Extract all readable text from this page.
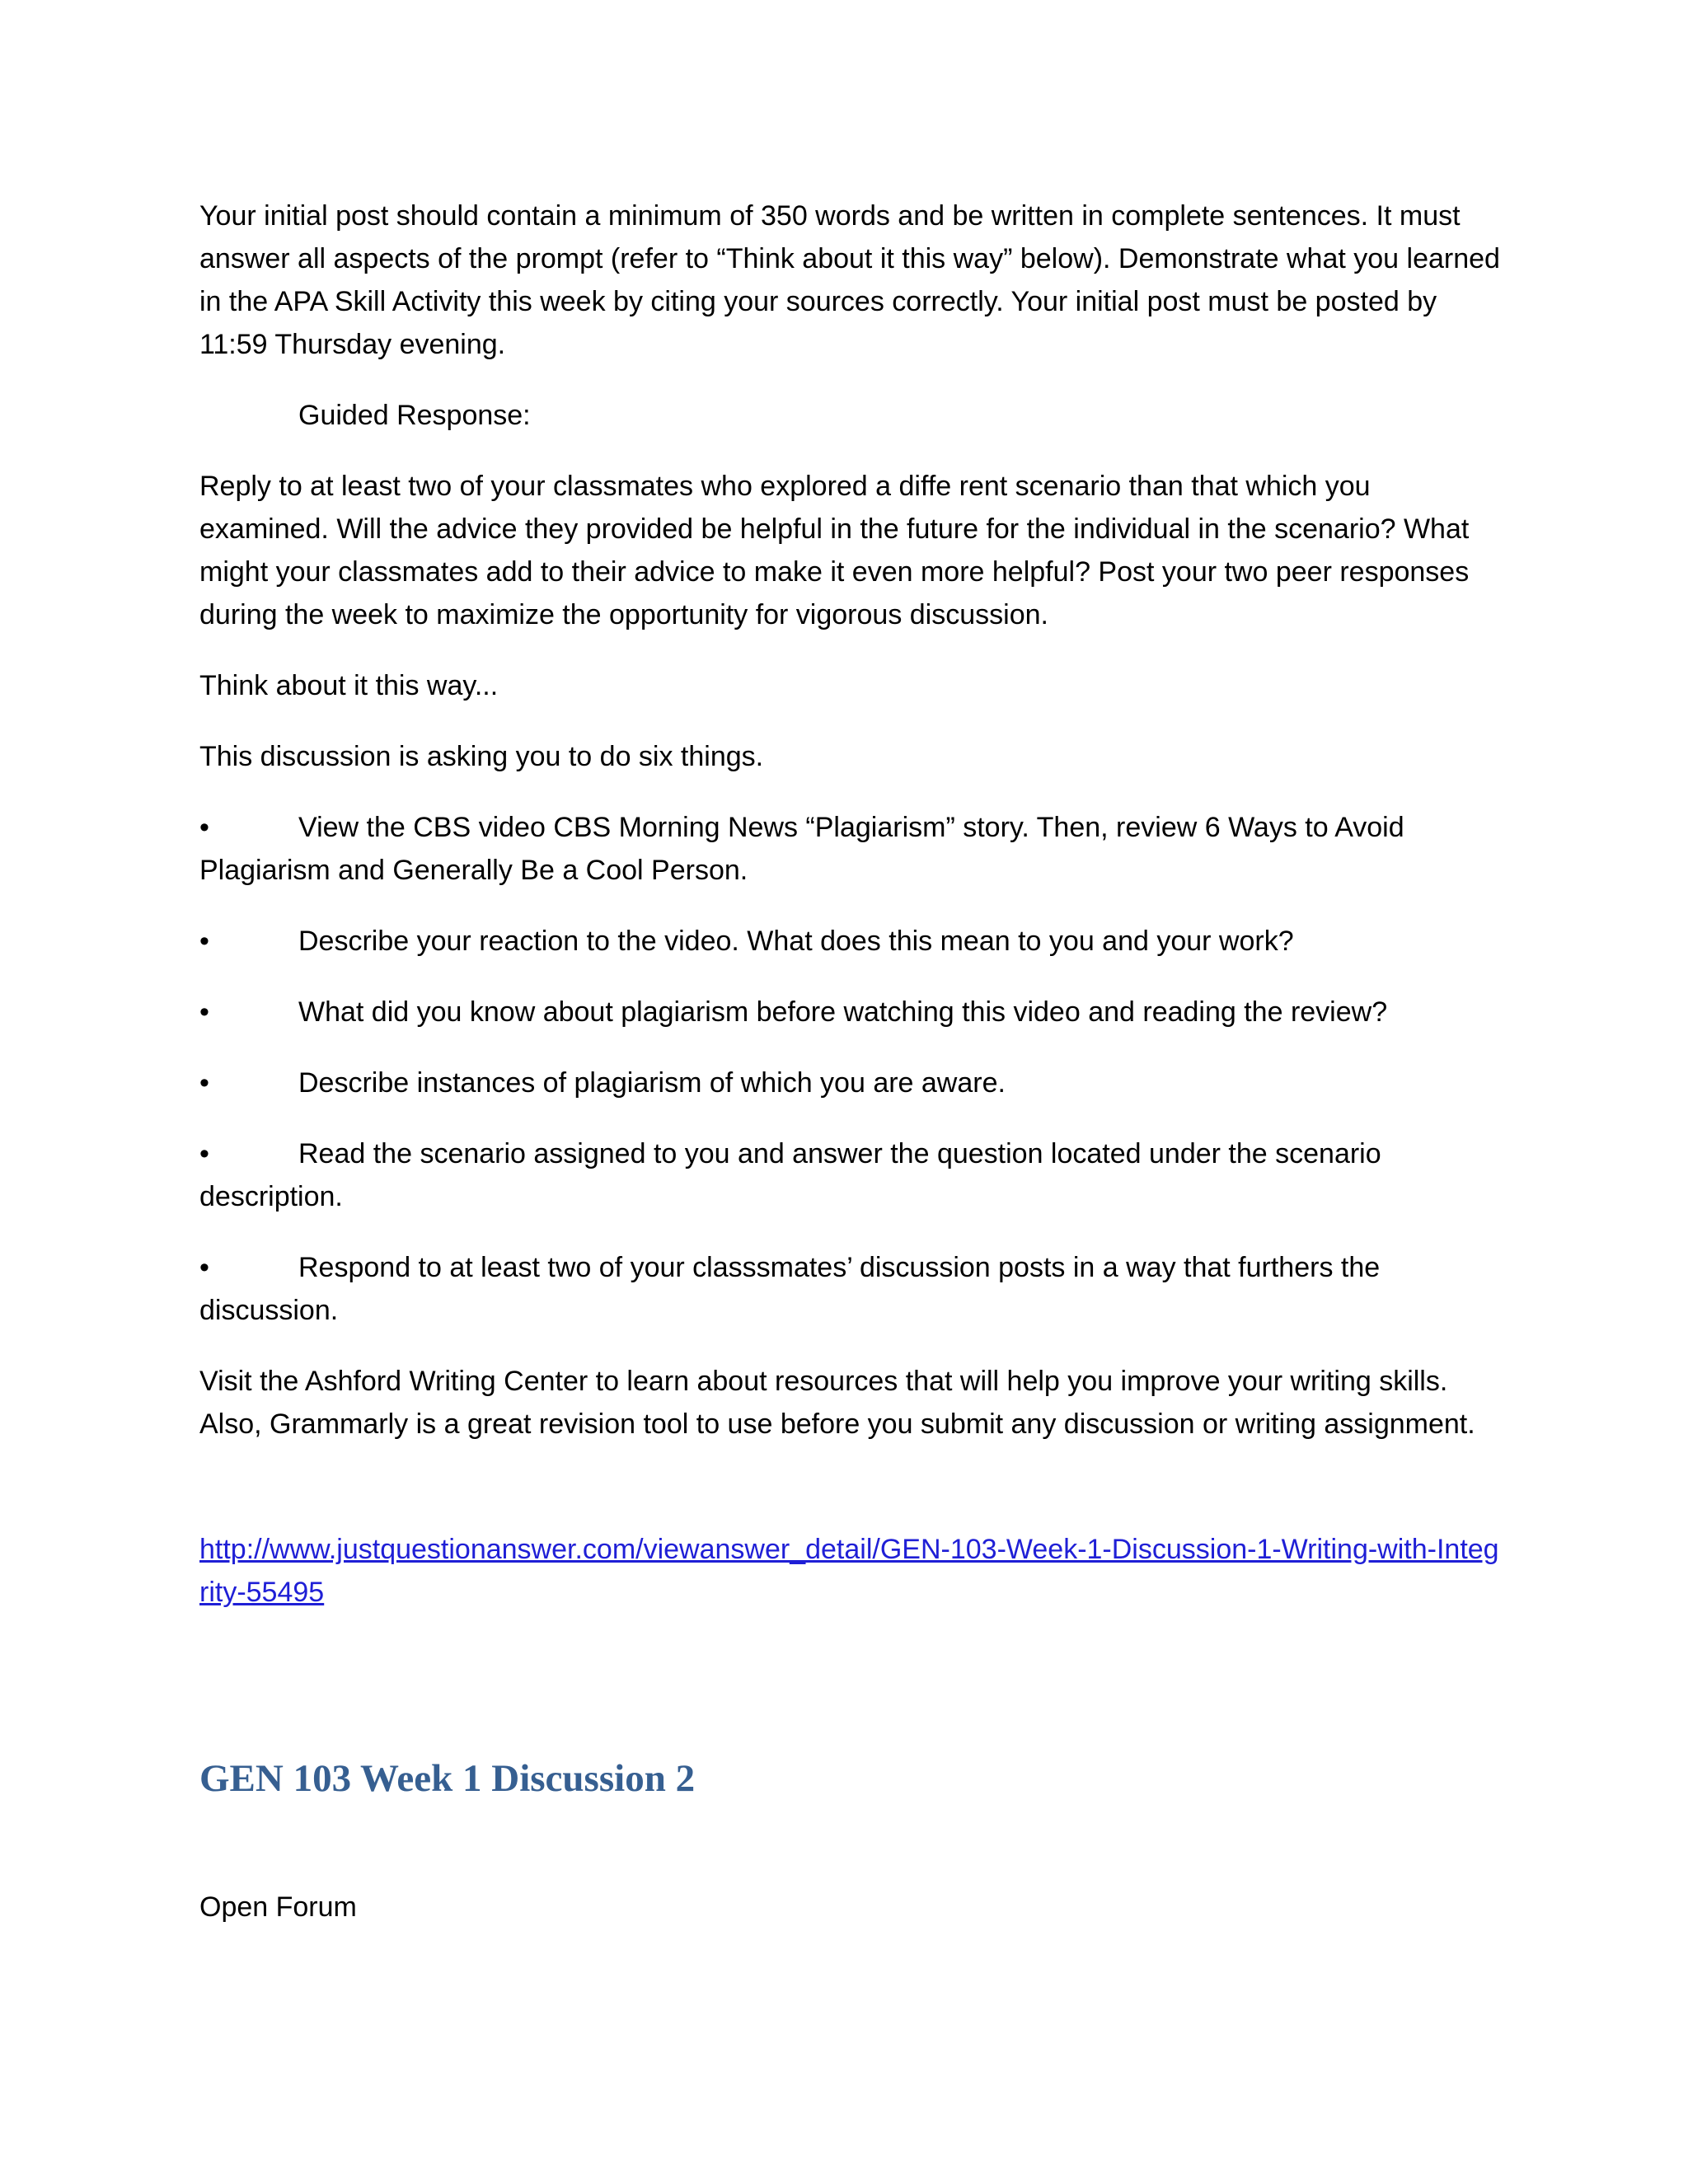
Your initial post should contain a minimum of 350 words and be written in complete sentences. It must answer all aspects of the prompt (refer to “Think about it this way” below). Demonstrate what you learned in the APA Skill Activity this week by citing your sources correctly. Your initial post must be posted by 11:59 Thursday evening.

Guided Response:

Reply to at least two of your classmates who explored a diffe rent scenario than that which you examined. Will the advice they provided be helpful in the future for the individual in the scenario? What might your classmates add to their advice to make it even more helpful? Post your two peer responses during the week to maximize the opportunity for vigorous discussion.

Think about it this way...

This discussion is asking you to do six things.

•	View the CBS video CBS Morning News “Plagiarism” story. Then, review 6 Ways to Avoid Plagiarism and Generally Be a Cool Person.

•	Describe your reaction to the video. What does this mean to you and your work?

•	What did you know about plagiarism before watching this video and reading the review?

•	Describe instances of plagiarism of which you are aware.

•	Read the scenario assigned to you and answer the question located under the scenario description.

•	Respond to at least two of your classsmates’ discussion posts in a way that furthers the discussion.

Visit the Ashford Writing Center to learn about resources that will help you improve your writing skills. Also, Grammarly is a great revision tool to use before you submit any discussion or writing assignment.

http://www.justquestionanswer.com/viewanswer_detail/GEN-103-Week-1-Discussion-1-Writing-with-Integrity-55495
GEN 103 Week 1 Discussion 2

Open Forum
